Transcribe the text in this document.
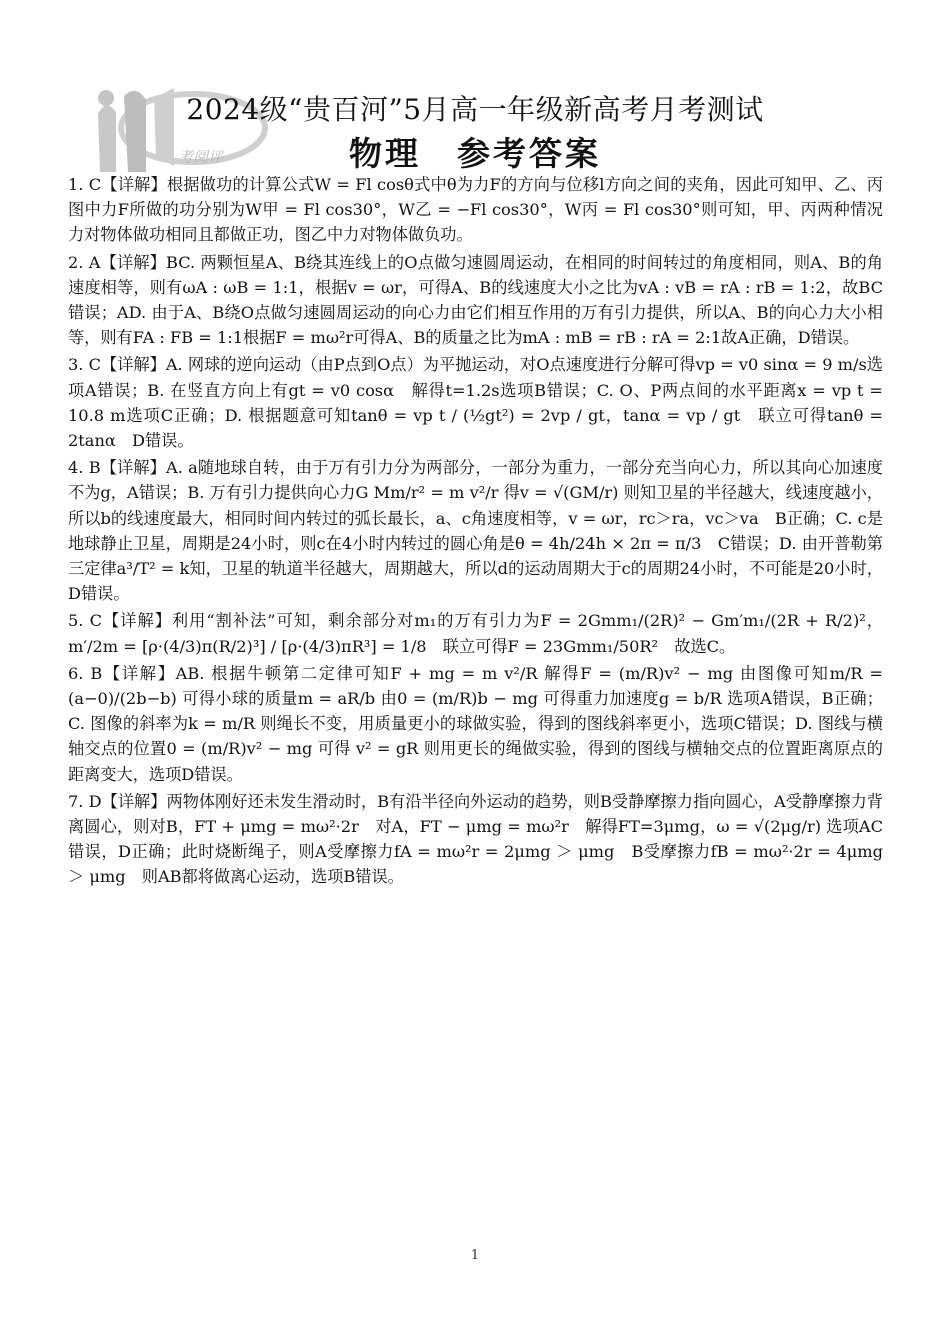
考阅评
2024级“贵百河”5月高一年级新高考月考测试
物理　参考答案

1. C【详解】根据做功的计算公式W = Fl cosθ式中θ为力F的方向与位移l方向之间的夹角，因此可知甲、乙、丙图中力F所做的功分别为W甲 = Fl cos30°，W乙 = −Fl cos30°，W丙 = Fl cos30°则可知，甲、丙两种情况力对物体做功相同且都做正功，图乙中力对物体做负功。

2. A【详解】BC. 两颗恒星A、B绕其连线上的O点做匀速圆周运动，在相同的时间转过的角度相同，则A、B的角速度相等，则有ωA : ωB = 1:1，根据v = ωr，可得A、B的线速度大小之比为vA : vB = rA : rB = 1:2，故BC错误；AD. 由于A、B绕O点做匀速圆周运动的向心力由它们相互作用的万有引力提供，所以A、B的向心力大小相等，则有FA : FB = 1:1根据F = mω²r可得A、B的质量之比为mA : mB = rB : rA = 2:1故A正确，D错误。

3. C【详解】A. 网球的逆向运动（由P点到O点）为平抛运动，对O点速度进行分解可得vp = v0 sinα = 9 m/s选项A错误；B. 在竖直方向上有gt = v0 cosα　解得t=1.2s选项B错误；C. O、P两点间的水平距离x = vp t = 10.8 m选项C正确；D. 根据题意可知tanθ = vp t / (½gt²) = 2vp / gt，tanα = vp / gt　联立可得tanθ = 2tanα　D错误。

4. B【详解】A. a随地球自转，由于万有引力分为两部分，一部分为重力，一部分充当向心力，所以其向心加速度不为g，A错误；B. 万有引力提供向心力G Mm/r² = m v²/r 得v = √(GM/r) 则知卫星的半径越大，线速度越小，所以b的线速度最大，相同时间内转过的弧长最长，a、c角速度相等，v = ωr，rc＞ra，vc＞va　B正确；C. c是地球静止卫星，周期是24小时，则c在4小时内转过的圆心角是θ = 4h/24h × 2π = π/3　C错误；D. 由开普勒第三定律a³/T² = k知，卫星的轨道半径越大，周期越大，所以d的运动周期大于c的周期24小时，不可能是20小时，D错误。

5. C【详解】利用“割补法”可知，剩余部分对m₁的万有引力为F = 2Gmm₁/(2R)² − Gm′m₁/(2R + R/2)²，m′/2m = [ρ·(4/3)π(R/2)³] / [ρ·(4/3)πR³] = 1/8　联立可得F = 23Gmm₁/50R²　故选C。

6. B【详解】AB. 根据牛顿第二定律可知F + mg = m v²/R 解得F = (m/R)v² − mg 由图像可知m/R = (a−0)/(2b−b) 可得小球的质量m = aR/b 由0 = (m/R)b − mg 可得重力加速度g = b/R 选项A错误，B正确；C. 图像的斜率为k = m/R 则绳长不变，用质量更小的球做实验，得到的图线斜率更小，选项C错误；D. 图线与横轴交点的位置0 = (m/R)v² − mg 可得 v² = gR 则用更长的绳做实验，得到的图线与横轴交点的位置距离原点的距离变大，选项D错误。

7. D【详解】两物体刚好还未发生滑动时，B有沿半径向外运动的趋势，则B受静摩擦力指向圆心，A受静摩擦力背离圆心，则对B，FT + μmg = mω²·2r　对A，FT − μmg = mω²r　解得FT=3μmg，ω = √(2μg/r) 选项AC错误，D正确；此时烧断绳子，则A受摩擦力fA = mω²r = 2μmg ＞ μmg　B受摩擦力fB = mω²·2r = 4μmg ＞ μmg　则AB都将做离心运动，选项B错误。

1
